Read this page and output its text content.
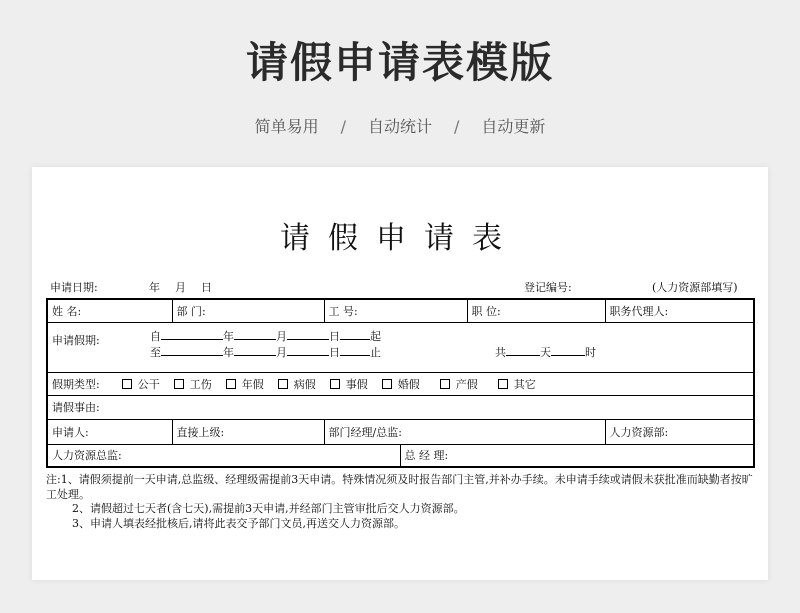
请假申请表模版
简单易用 / 自动统计 / 自动更新
请假申请表
申请日期:	年 月 日	登记编号:	(人力资源部填写)
姓 名:	部 门:	工 号:		职 位:	职务代理人:

申请假期: 自 年 月 日 起
至 年 月 日 止 共 天 时					

假期类型: 公干 工伤 年假 病假 事假 婚假 产假 其它					
请假事由:					
申请人:	直接上级:	部门经理/总监:			人力资源部:
人力资源总监:			总 经 理:		

注:1、请假须提前一天申请,总监级、经理级需提前3天申请。特殊情况须及时报告部门主管,并补办手续。未申请手续或请假未获批准而缺勤者按旷工处理。

2、请假超过七天者(含七天),需提前3天申请,并经部门主管审批后交人力资源部。

3、申请人填表经批核后,请将此表交予部门文员,再送交人力资源部。
